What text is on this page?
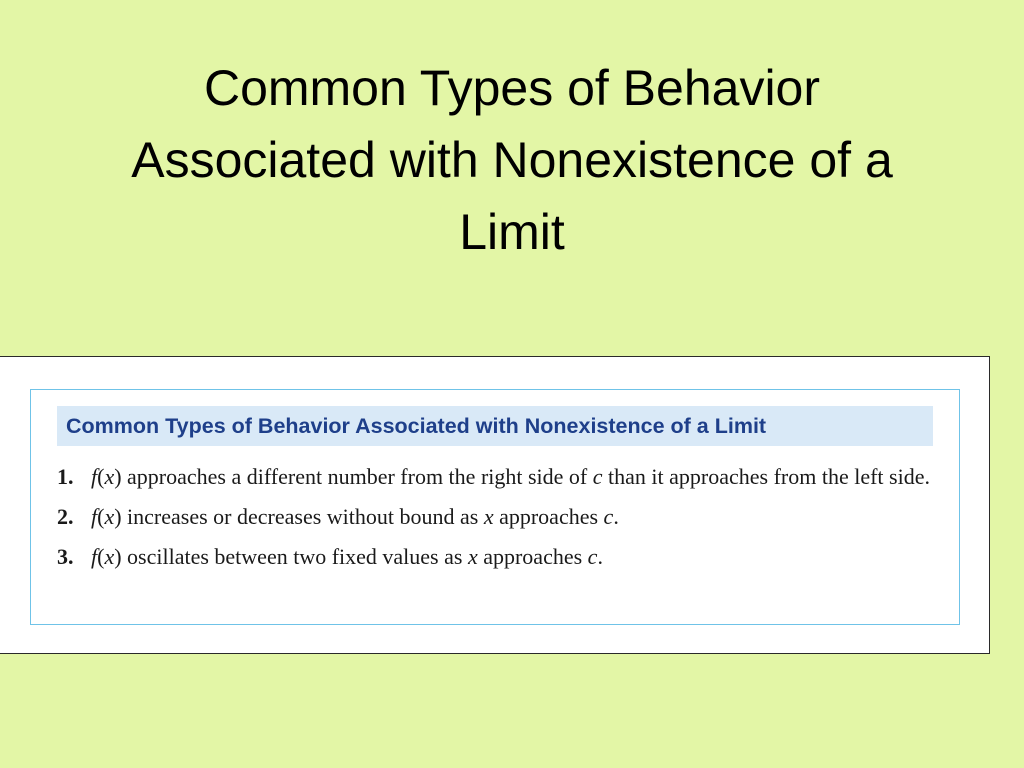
Common Types of Behavior
Associated with Nonexistence of a
Limit
Common Types of Behavior Associated with Nonexistence of a Limit
1. f(x) approaches a different number from the right side of c than it approaches from the left side.
2. f(x) increases or decreases without bound as x approaches c.
3. f(x) oscillates between two fixed values as x approaches c.
